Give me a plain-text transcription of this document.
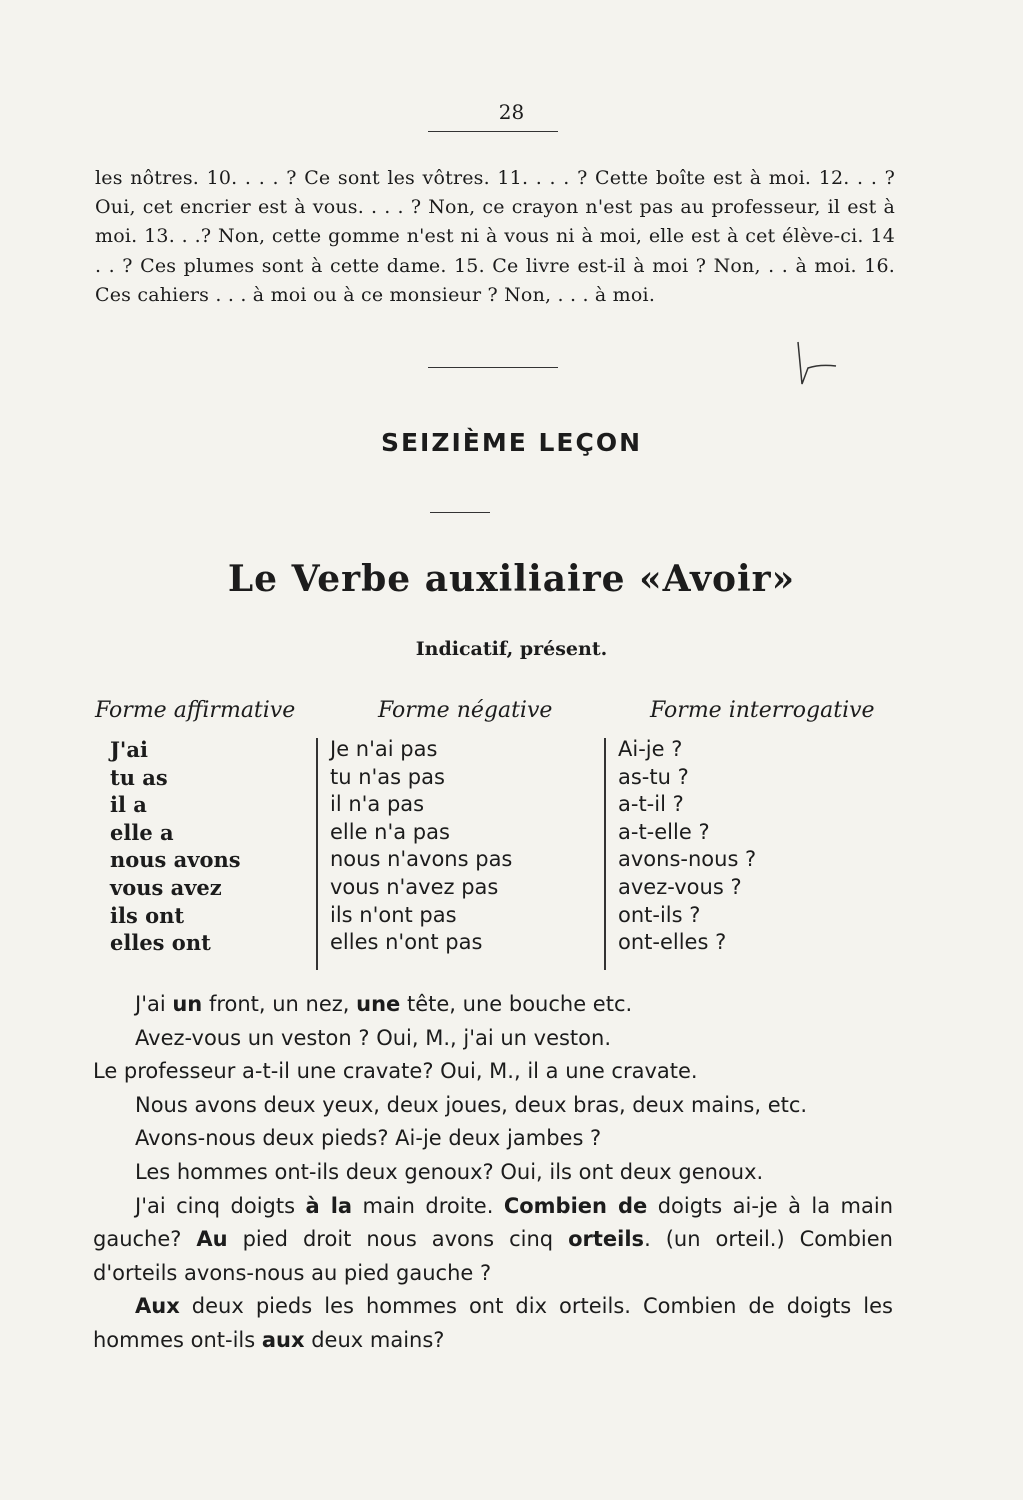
28
les nôtres. 10. . . . ? Ce sont les vôtres. 11. . . . ? Cette boîte est à moi. 12. . . ? Oui, cet encrier est à vous. . . . ? Non, ce crayon n'est pas au professeur, il est à moi. 13. . .? Non, cette gomme n'est ni à vous ni à moi, elle est à cet élève-ci. 14 . . ? Ces plumes sont à cette dame. 15. Ce livre est-il à moi ? Non, . . à moi. 16. Ces cahiers . . . à moi ou à ce monsieur ? Non, . . . à moi.
SEIZIÈME LEÇON
Le Verbe auxiliaire «Avoir»
Indicatif, présent.
Forme affirmative	Forme négative	Forme interrogative
J'ai
tu as
il a
elle a
nous avons
vous avez
ils ont
elles ont
Je n'ai pas
tu n'as pas
il n'a pas
elle n'a pas
nous n'avons pas
vous n'avez pas
ils n'ont pas
elles n'ont pas
Ai-je ?
as-tu ?
a-t-il ?
a-t-elle ?
avons-nous ?
avez-vous ?
ont-ils ?
ont-elles ?

J'ai un front, un nez, une tête, une bouche etc.

Avez-vous un veston ? Oui, M., j'ai un veston.

Le professeur a-t-il une cravate? Oui, M., il a une cravate.

Nous avons deux yeux, deux joues, deux bras, deux mains, etc.

Avons-nous deux pieds? Ai-je deux jambes ?

Les hommes ont-ils deux genoux? Oui, ils ont deux genoux.

J'ai cinq doigts à la main droite. Combien de doigts ai-je à la main gauche? Au pied droit nous avons cinq orteils. (un orteil.) Combien d'orteils avons-nous au pied gauche ?

Aux deux pieds les hommes ont dix orteils. Combien de doigts les hommes ont-ils aux deux mains?
